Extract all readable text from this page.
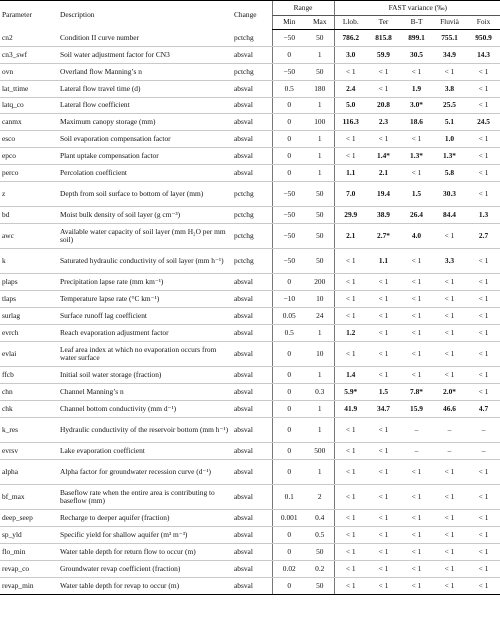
Parameter	Description	Change	Range		FAST variance (‰)				
			Min	Max	Llob.	Ter	B-T	Fluvià	Foix
cn2	Condition II curve number	pctchg	−50	50	786.2	815.8	899.1	755.1	950.9
cn3_swf	Soil water adjustment factor for CN3	absval	0	1	3.0	59.9	30.5	34.9	14.3
ovn	Overland flow Manning’s n	pctchg	−50	50	< 1	< 1	< 1	< 1	< 1
lat_ttime	Lateral flow travel time (d)	absval	0.5	180	2.4	< 1	1.9	3.8	< 1
latq_co	Lateral flow coefficient	absval	0	1	5.0	20.8	3.0*	25.5	< 1
canmx	Maximum canopy storage (mm)	absval	0	100	116.3	2.3	18.6	5.1	24.5
esco	Soil evaporation compensation factor	absval	0	1	< 1	< 1	< 1	1.0	< 1
epco	Plant uptake compensation factor	absval	0	1	< 1	1.4*	1.3*	1.3*	< 1
perco	Percolation coefficient	absval	0	1	1.1	2.1	< 1	5.8	< 1
z	Depth from soil surface to bottom of layer (mm)	pctchg	−50	50	7.0	19.4	1.5	30.3	< 1
bd	Moist bulk density of soil layer (g cm⁻³)	pctchg	−50	50	29.9	38.9	26.4	84.4	1.3
awc	Available water capacity of soil layer (mm H₂O per mm soil)	pctchg	−50	50	2.1	2.7*	4.0	< 1	2.7
k	Saturated hydraulic conductivity of soil layer (mm h⁻¹)	pctchg	−50	50	< 1	1.1	< 1	3.3	< 1
plaps	Precipitation lapse rate (mm km⁻¹)	absval	0	200	< 1	< 1	< 1	< 1	< 1
tlaps	Temperature lapse rate (°C km⁻¹)	absval	−10	10	< 1	< 1	< 1	< 1	< 1
surlag	Surface runoff lag coefficient	absval	0.05	24	< 1	< 1	< 1	< 1	< 1
evrch	Reach evaporation adjustment factor	absval	0.5	1	1.2	< 1	< 1	< 1	< 1
evlai	Leaf area index at which no evaporation occurs from water surface	absval	0	10	< 1	< 1	< 1	< 1	< 1
ffcb	Initial soil water storage (fraction)	absval	0	1	1.4	< 1	< 1	< 1	< 1
chn	Channel Manning’s n	absval	0	0.3	5.9*	1.5	7.8*	2.0*	< 1
chk	Channel bottom conductivity (mm d⁻¹)	absval	0	1	41.9	34.7	15.9	46.6	4.7
k_res	Hydraulic conductivity of the reservoir bottom (mm h⁻¹)	absval	0	1	< 1	< 1	–	–	–
evrsv	Lake evaporation coefficient	absval	0	500	< 1	< 1	–	–	–
alpha	Alpha factor for groundwater recession curve (d⁻¹)	absval	0	1	< 1	< 1	< 1	< 1	< 1
bf_max	Baseflow rate when the entire area is contributing to baseflow (mm)	absval	0.1	2	< 1	< 1	< 1	< 1	< 1
deep_seep	Recharge to deeper aquifer (fraction)	absval	0.001	0.4	< 1	< 1	< 1	< 1	< 1
sp_yld	Specific yield for shallow aquifer (m³ m⁻³)	absval	0	0.5	< 1	< 1	< 1	< 1	< 1
flo_min	Water table depth for return flow to occur (m)	absval	0	50	< 1	< 1	< 1	< 1	< 1
revap_co	Groundwater revap coefficient (fraction)	absval	0.02	0.2	< 1	< 1	< 1	< 1	< 1
revap_min	Water table depth for revap to occur (m)	absval	0	50	< 1	< 1	< 1	< 1	< 1
